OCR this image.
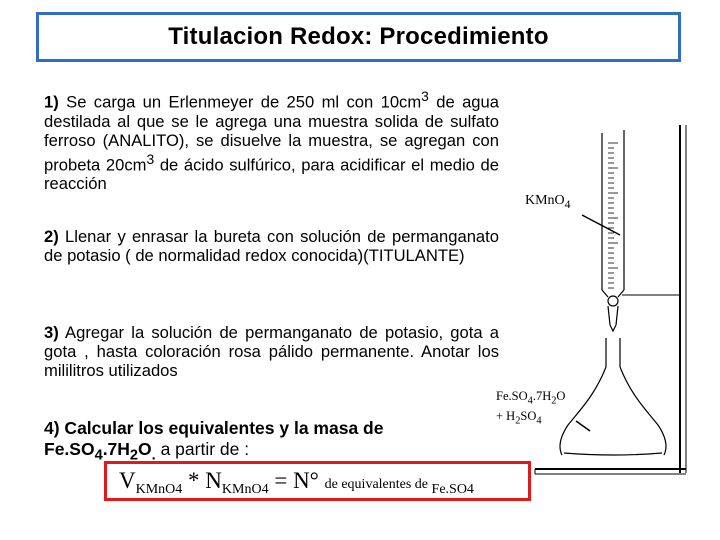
Titulacion Redox: Procedimiento
1) Se carga un Erlenmeyer de 250 ml con $10cm^3$ de agua destilada al que se le agrega una muestra solida de sulfato ferroso (ANALITO), se disuelve la muestra, se agregan con probeta $20cm^3$ de ácido sulfúrico, para acidificar el medio de reacción
2) Llenar y enrasar la bureta con solución de permanganato de potasio ( de normalidad redox conocida)(TITULANTE)
3) Agregar la solución de permanganato de potasio, gota a gota , hasta coloración rosa pálido permanente. Anotar los mililitros utilizados
4) Calcular los equivalentes y la masa de $Fe.SO_4.7H_2O_.$ a partir de :
VKMnO4 * NKMnO4 = N° de equivalentes de Fe.SO4
KMnO$_4$
$Fe.SO_4.7H_2O$
+ $H_2SO_4$
